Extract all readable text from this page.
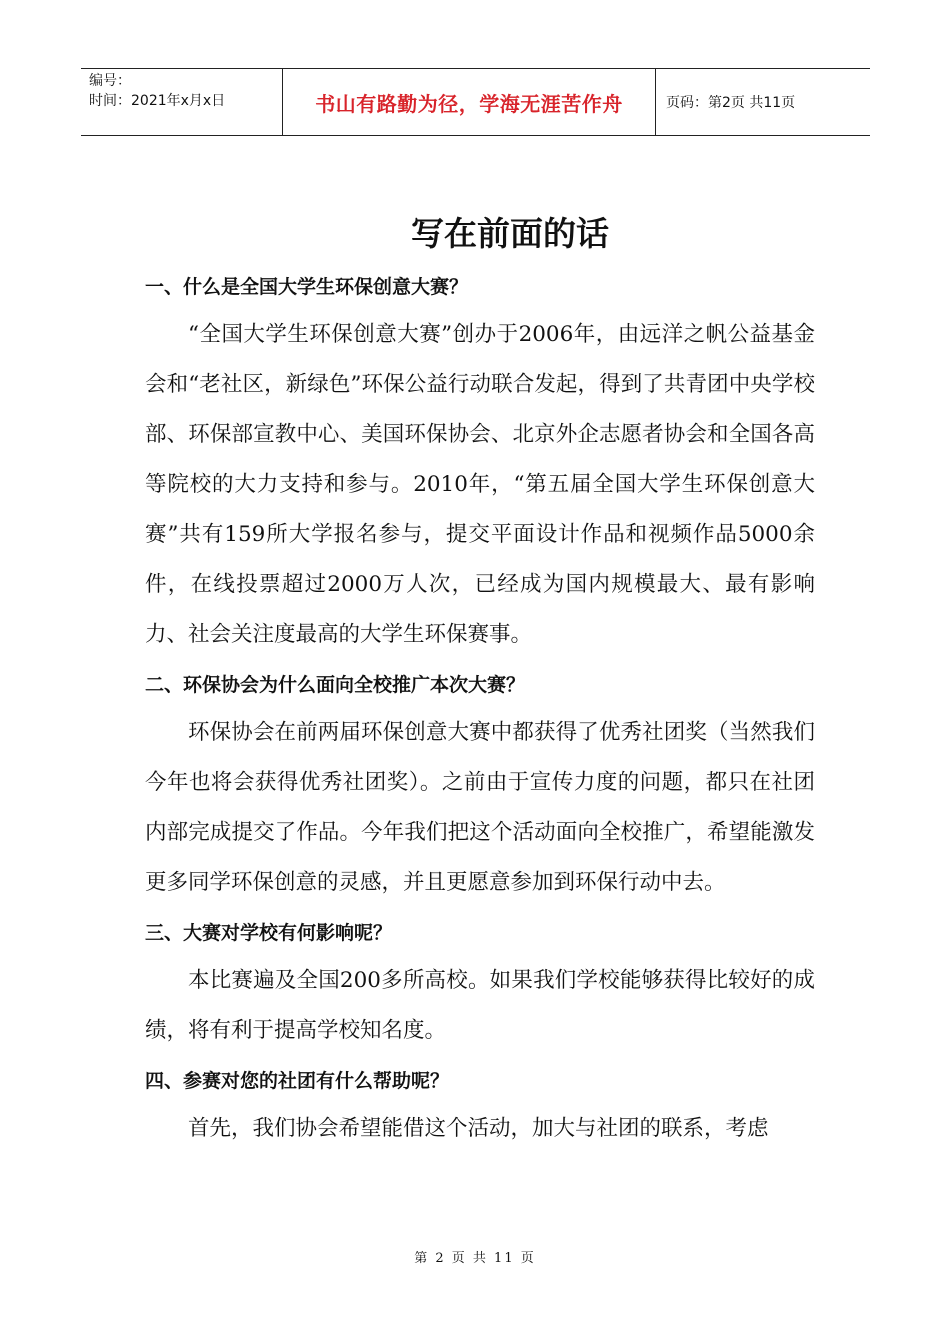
编号：
时间：2021年x月x日	书山有路勤为径，学海无涯苦作舟	页码：第2页 共11页
写在前面的话
一、什么是全国大学生环保创意大赛？

“全国大学生环保创意大赛”创办于2006年，由远洋之帆公益基金会和“老社区，新绿色”环保公益行动联合发起，得到了共青团中央学校部、环保部宣教中心、美国环保协会、北京外企志愿者协会和全国各高等院校的大力支持和参与。2010年，“第五届全国大学生环保创意大赛”共有159所大学报名参与，提交平面设计作品和视频作品5000余件，在线投票超过2000万人次，已经成为国内规模最大、最有影响力、社会关注度最高的大学生环保赛事。

二、环保协会为什么面向全校推广本次大赛？

环保协会在前两届环保创意大赛中都获得了优秀社团奖（当然我们今年也将会获得优秀社团奖）。之前由于宣传力度的问题，都只在社团内部完成提交了作品。今年我们把这个活动面向全校推广，希望能激发更多同学环保创意的灵感，并且更愿意参加到环保行动中去。

三、大赛对学校有何影响呢？

本比赛遍及全国200多所高校。如果我们学校能够获得比较好的成绩，将有利于提高学校知名度。

四、参赛对您的社团有什么帮助呢？

首先，我们协会希望能借这个活动，加大与社团的联系，考虑

第 2 页 共 11 页
